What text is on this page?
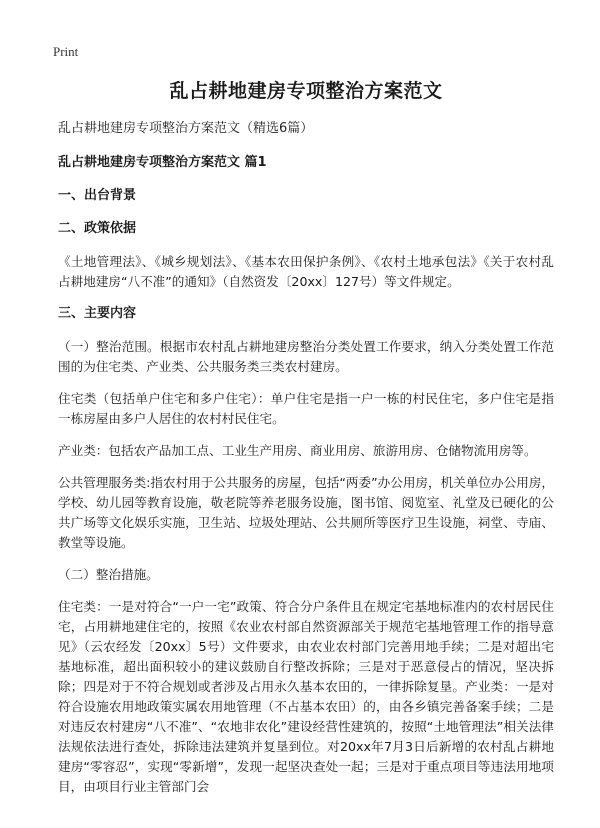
Print
乱占耕地建房专项整治方案范文
乱占耕地建房专项整治方案范文（精选6篇）
乱占耕地建房专项整治方案范文 篇1
一、出台背景
二、政策依据
《土地管理法》、《城乡规划法》、《基本农田保护条例》、《农村土地承包法》《关于农村乱占耕地建房“八不准”的通知》（自然资发〔20xx〕127号）等文件规定。
三、主要内容
（一）整治范围。根据市农村乱占耕地建房整治分类处置工作要求，纳入分类处置工作范围的为住宅类、产业类、公共服务类三类农村建房。
住宅类（包括单户住宅和多户住宅）：单户住宅是指一户一栋的村民住宅，多户住宅是指一栋房屋由多户人居住的农村村民住宅。
产业类：包括农产品加工点、工业生产用房、商业用房、旅游用房、仓储物流用房等。
公共管理服务类:指农村用于公共服务的房屋，包括“两委”办公用房，机关单位办公用房，学校、幼儿园等教育设施，敬老院等养老服务设施，图书馆、阅览室、礼堂及已硬化的公共广场等文化娱乐实施，卫生站、垃圾处理站、公共厕所等医疗卫生设施，祠堂、寺庙、教堂等设施。
（二）整治措施。
住宅类：一是对符合“一户一宅”政策、符合分户条件且在规定宅基地标准内的农村居民住宅，占用耕地建住宅的，按照《农业农村部自然资源部关于规范宅基地管理工作的指导意见》（云农经发〔20xx〕5号）文件要求，由农业农村部门完善用地手续；二是对超出宅基地标准，超出面积较小的建议鼓励自行整改拆除；三是对于恶意侵占的情况，坚决拆除；四是对于不符合规划或者涉及占用永久基本农田的，一律拆除复垦。产业类：一是对符合设施农用地政策实属农用地管理（不占基本农田）的，由各乡镇完善备案手续；二是对违反农村建房“八不准”、“农地非农化”建设经营性建筑的，按照“土地管理法”相关法律法规依法进行查处，拆除违法建筑并复垦到位。对20xx年7月3日后新增的农村乱占耕地建房“零容忍”，实现“零新增”，发现一起坚决查处一起；三是对于重点项目等违法用地项目，由项目行业主管部门会
